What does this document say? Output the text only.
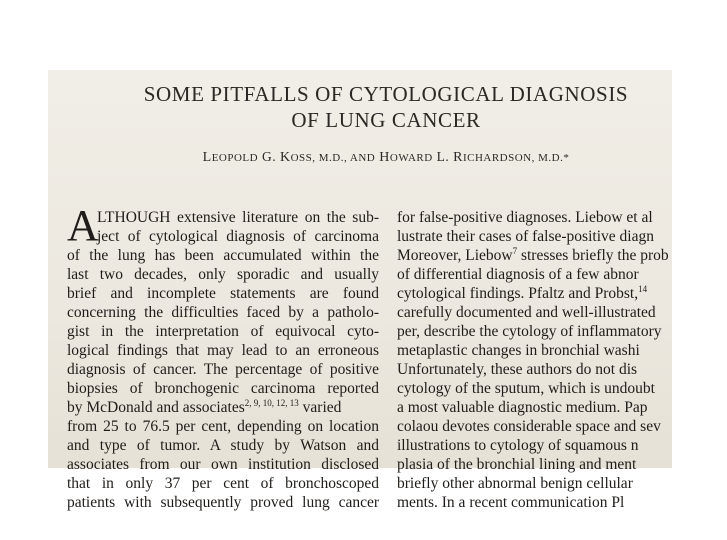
SOME PITFALLS OF CYTOLOGICAL DIAGNOSIS
OF LUNG CANCER
LEOPOLD G. KOSS, M.D., AND HOWARD L. RICHARDSON, M.D.*
A
LTHOUGH extensive literature on the sub-
ject of cytological diagnosis of carcinoma
of the lung has been accumulated within the
last two decades, only sporadic and usually
brief and incomplete statements are found
concerning the difficulties faced by a patholo-
gist in the interpretation of equivocal cyto-
logical findings that may lead to an erroneous
diagnosis of cancer. The percentage of positive
biopsies of bronchogenic carcinoma reported
by McDonald and associates$^{2, 9, 10, 12, 13}$ varied
from 25 to 76.5 per cent, depending on location
and type of tumor. A study by Watson and
associates from our own institution disclosed
that in only 37 per cent of bronchoscoped
patients with subsequently proved lung cancer
for false-positive diagnoses. Liebow et al
lustrate their cases of false-positive diagn
Moreover, Liebow$^7$ stresses briefly the prob
of differential diagnosis of a few abnor
cytological findings. Pfaltz and Probst,$^{14}$
carefully documented and well-illustrated
per, describe the cytology of inflammatory
metaplastic changes in bronchial washi
Unfortunately, these authors do not dis
cytology of the sputum, which is undoubt
a most valuable diagnostic medium. Pap
colaou devotes considerable space and sev
illustrations to cytology of squamous n
plasia of the bronchial lining and ment
briefly other abnormal benign cellular
ments. In a recent communication Pl
